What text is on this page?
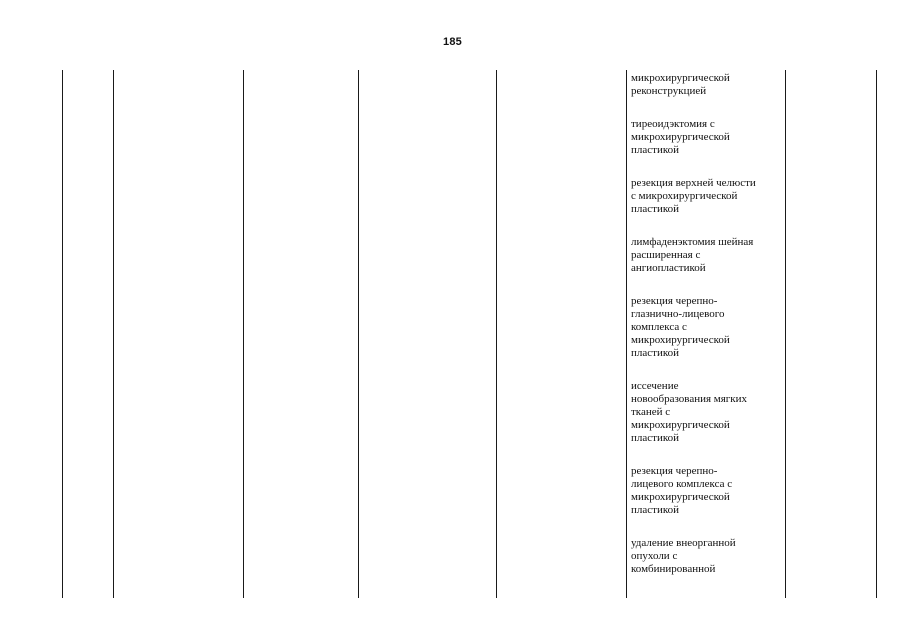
185
микрохирургической
реконструкцией
тиреоидэктомия с
микрохирургической
пластикой
резекция верхней челюсти
с микрохирургической
пластикой
лимфаденэктомия шейная
расширенная с
ангиопластикой
резекция черепно-
глазнично-лицевого
комплекса с
микрохирургической
пластикой
иссечение
новообразования мягких
тканей с
микрохирургической
пластикой
резекция черепно-
лицевого комплекса с
микрохирургической
пластикой
удаление внеорганной
опухоли с
комбинированной
